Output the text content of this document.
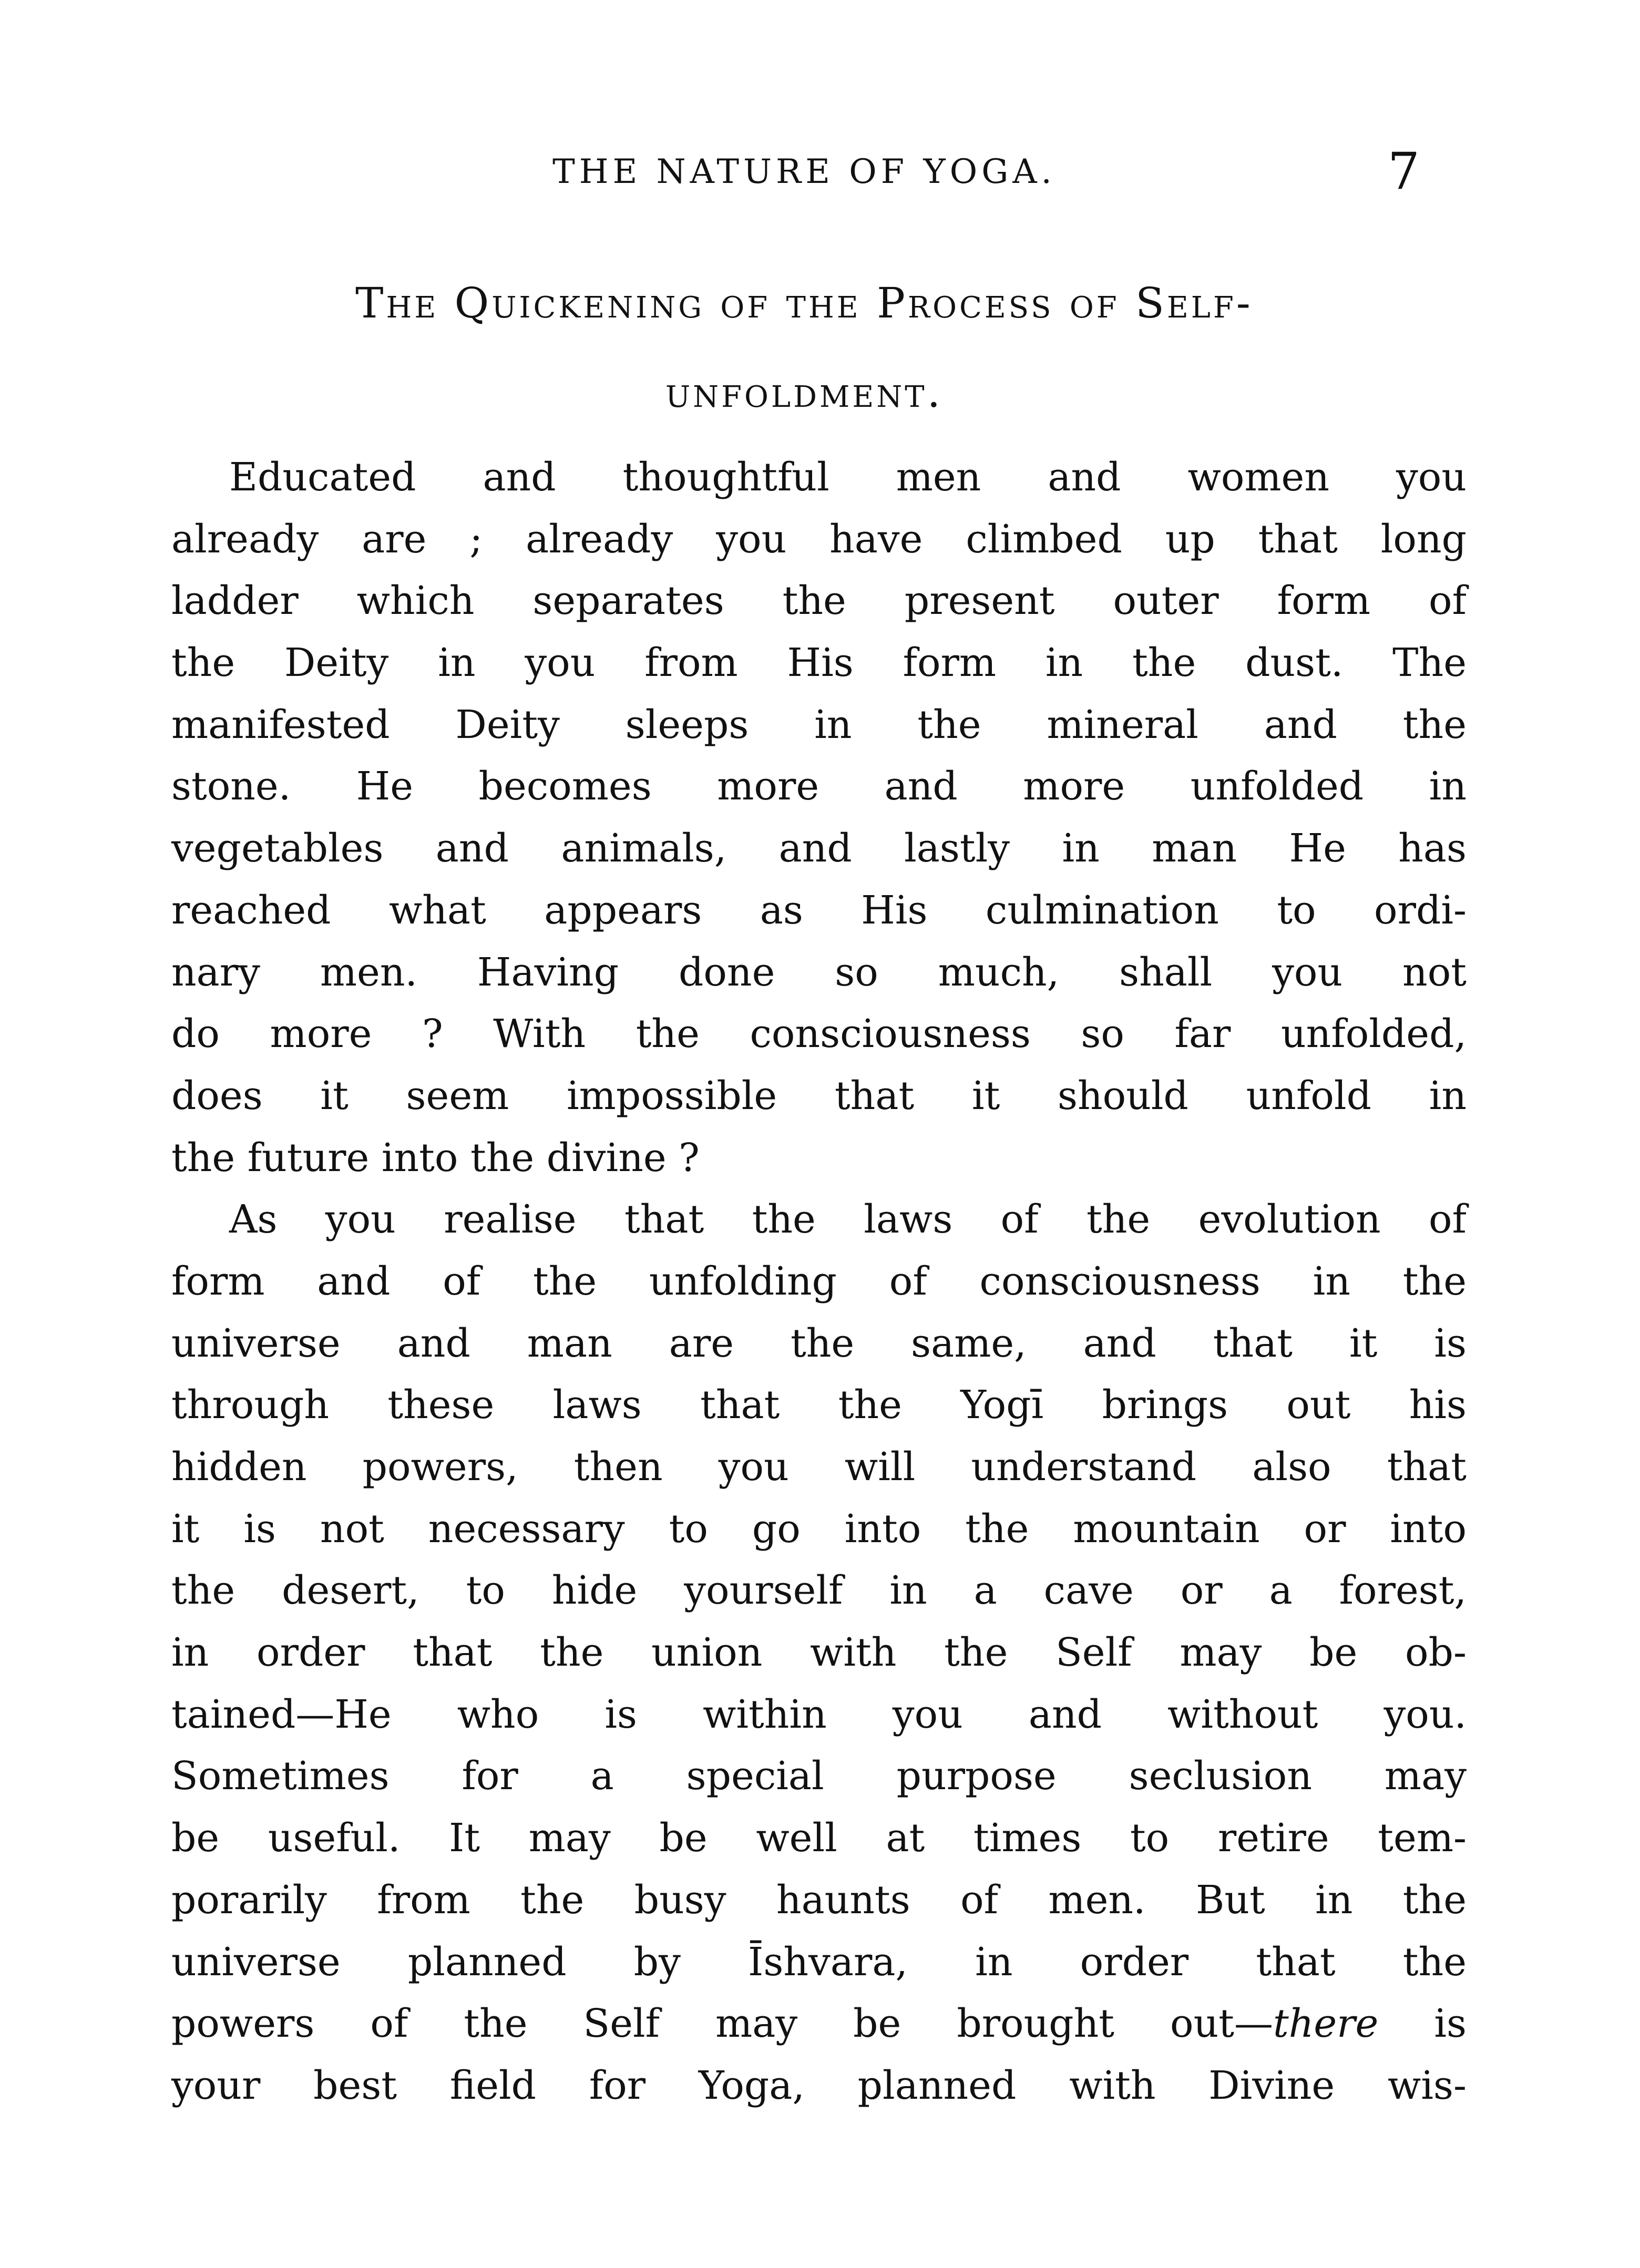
THE NATURE OF YOGA.	7
The Quickening of the Process of Self-
unfoldment.
Educated and thoughtful men and women you
already are ; already you have climbed up that long
ladder which separates the present outer form of
the Deity in you from His form in the dust. The
manifested Deity sleeps in the mineral and the
stone. He becomes more and more unfolded in
vegetables and animals, and lastly in man He has
reached what appears as His culmination to ordi-
nary men. Having done so much, shall you not
do more ? With the consciousness so far unfolded,
does it seem impossible that it should unfold in
the future into the divine ?
As you realise that the laws of the evolution of
form and of the unfolding of consciousness in the
universe and man are the same, and that it is
through these laws that the Yogī brings out his
hidden powers, then you will understand also that
it is not necessary to go into the mountain or into
the desert, to hide yourself in a cave or a forest,
in order that the union with the Self may be ob-
tained—He who is within you and without you.
Sometimes for a special purpose seclusion may
be useful. It may be well at times to retire tem-
porarily from the busy haunts of men. But in the
universe planned by Īshvara, in order that the
powers of the Self may be brought out—there is
your best field for Yoga, planned with Divine wis-
